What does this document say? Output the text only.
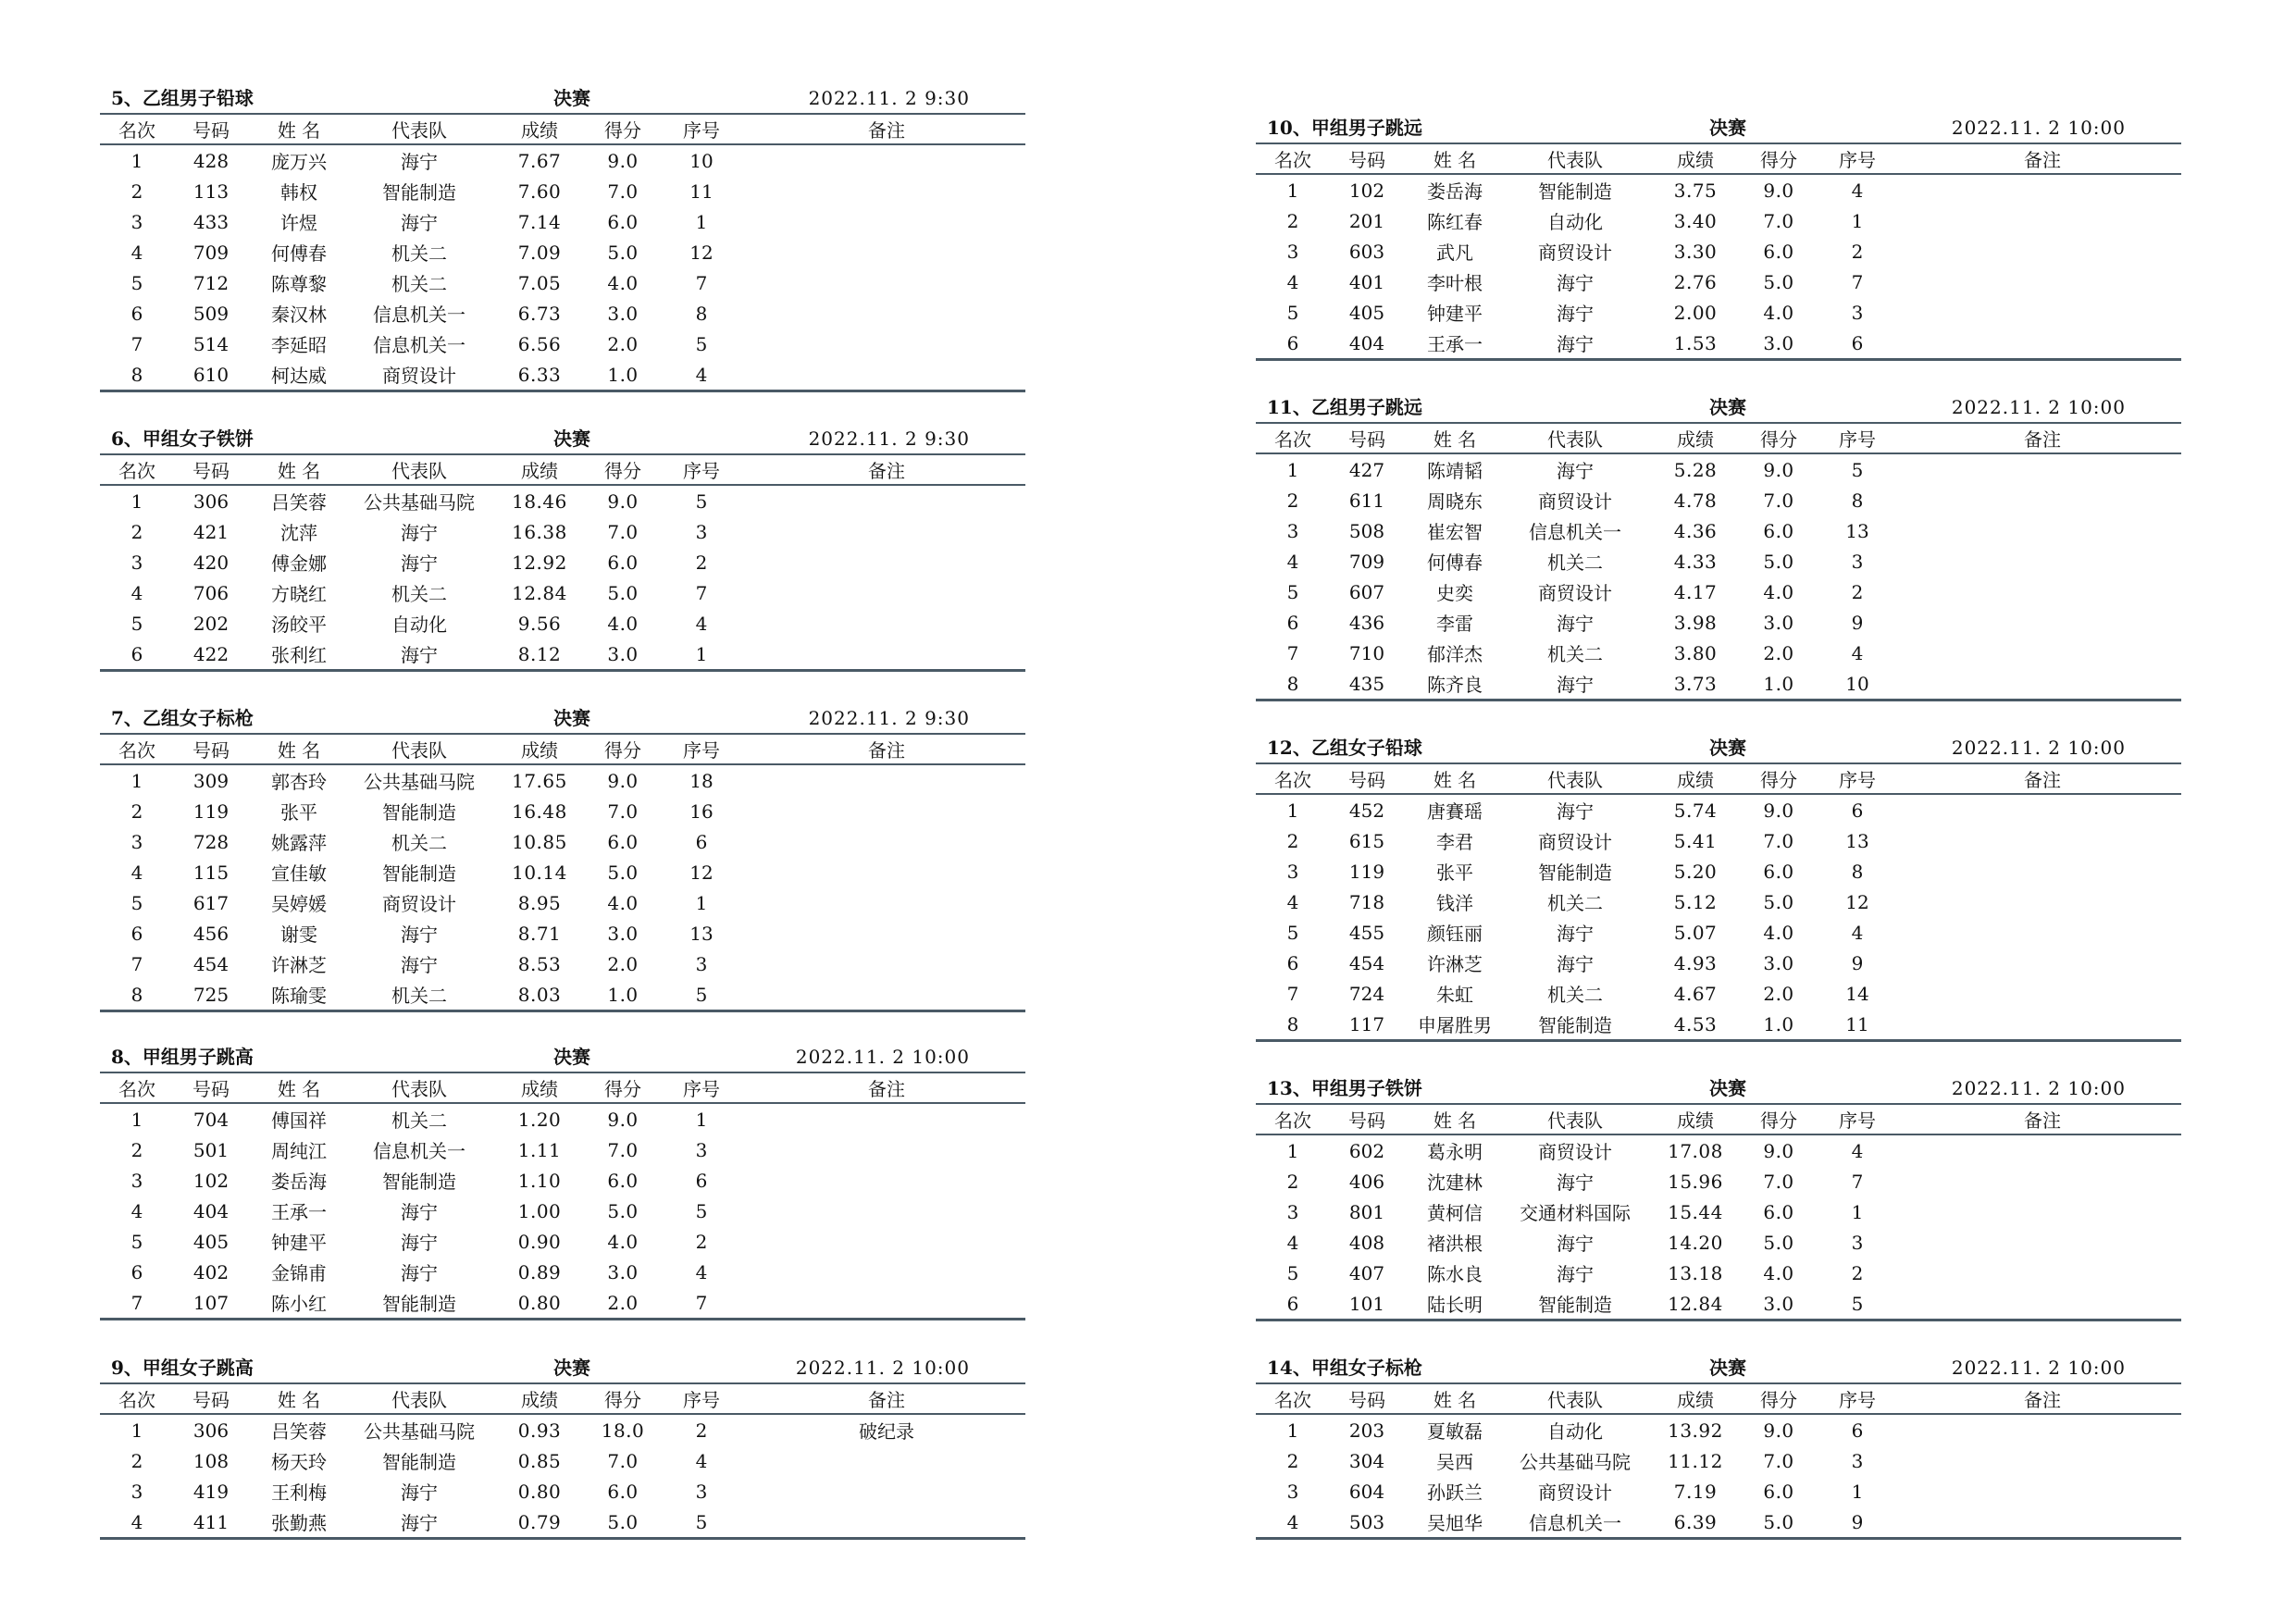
5、乙组男子铅球	决赛	2022.11. 2 9:30
名次	号码	姓 名	代表队	成绩	得分	序号	备注
1	428	庞万兴	海宁	7.67	9.0	10	
2	113	韩权	智能制造	7.60	7.0	11	
3	433	许煜	海宁	7.14	6.0	1	
4	709	何傅春	机关二	7.09	5.0	12	
5	712	陈尊黎	机关二	7.05	4.0	7	
6	509	秦汉林	信息机关一	6.73	3.0	8	
7	514	李延昭	信息机关一	6.56	2.0	5	
8	610	柯达威	商贸设计	6.33	1.0	4	
6、甲组女子铁饼	决赛	2022.11. 2 9:30
名次	号码	姓 名	代表队	成绩	得分	序号	备注
1	306	吕笑蓉	公共基础马院	18.46	9.0	5	
2	421	沈萍	海宁	16.38	7.0	3	
3	420	傅金娜	海宁	12.92	6.0	2	
4	706	方晓红	机关二	12.84	5.0	7	
5	202	汤皎平	自动化	9.56	4.0	4	
6	422	张利红	海宁	8.12	3.0	1	
7、乙组女子标枪	决赛	2022.11. 2 9:30
名次	号码	姓 名	代表队	成绩	得分	序号	备注
1	309	郭杏玲	公共基础马院	17.65	9.0	18	
2	119	张平	智能制造	16.48	7.0	16	
3	728	姚露萍	机关二	10.85	6.0	6	
4	115	宣佳敏	智能制造	10.14	5.0	12	
5	617	吴婷媛	商贸设计	8.95	4.0	1	
6	456	谢雯	海宁	8.71	3.0	13	
7	454	许淋芝	海宁	8.53	2.0	3	
8	725	陈瑜雯	机关二	8.03	1.0	5	
8、甲组男子跳高	决赛	2022.11. 2 10:00
名次	号码	姓 名	代表队	成绩	得分	序号	备注
1	704	傅国祥	机关二	1.20	9.0	1	
2	501	周纯江	信息机关一	1.11	7.0	3	
3	102	娄岳海	智能制造	1.10	6.0	6	
4	404	王承一	海宁	1.00	5.0	5	
5	405	钟建平	海宁	0.90	4.0	2	
6	402	金锦甫	海宁	0.89	3.0	4	
7	107	陈小红	智能制造	0.80	2.0	7	
9、甲组女子跳高	决赛	2022.11. 2 10:00
名次	号码	姓 名	代表队	成绩	得分	序号	备注
1	306	吕笑蓉	公共基础马院	0.93	18.0	2	破纪录
2	108	杨天玲	智能制造	0.85	7.0	4	
3	419	王利梅	海宁	0.80	6.0	3	
4	411	张勤燕	海宁	0.79	5.0	5	
10、甲组男子跳远	决赛	2022.11. 2 10:00
名次	号码	姓 名	代表队	成绩	得分	序号	备注
1	102	娄岳海	智能制造	3.75	9.0	4	
2	201	陈红春	自动化	3.40	7.0	1	
3	603	武凡	商贸设计	3.30	6.0	2	
4	401	李叶根	海宁	2.76	5.0	7	
5	405	钟建平	海宁	2.00	4.0	3	
6	404	王承一	海宁	1.53	3.0	6	
11、乙组男子跳远	决赛	2022.11. 2 10:00
名次	号码	姓 名	代表队	成绩	得分	序号	备注
1	427	陈靖韬	海宁	5.28	9.0	5	
2	611	周晓东	商贸设计	4.78	7.0	8	
3	508	崔宏智	信息机关一	4.36	6.0	13	
4	709	何傅春	机关二	4.33	5.0	3	
5	607	史奕	商贸设计	4.17	4.0	2	
6	436	李雷	海宁	3.98	3.0	9	
7	710	郁洋杰	机关二	3.80	2.0	4	
8	435	陈齐良	海宁	3.73	1.0	10	
12、乙组女子铅球	决赛	2022.11. 2 10:00
名次	号码	姓 名	代表队	成绩	得分	序号	备注
1	452	唐賽瑶	海宁	5.74	9.0	6	
2	615	李君	商贸设计	5.41	7.0	13	
3	119	张平	智能制造	5.20	6.0	8	
4	718	钱洋	机关二	5.12	5.0	12	
5	455	颜钰丽	海宁	5.07	4.0	4	
6	454	许淋芝	海宁	4.93	3.0	9	
7	724	朱虹	机关二	4.67	2.0	14	
8	117	申屠胜男	智能制造	4.53	1.0	11	
13、甲组男子铁饼	决赛	2022.11. 2 10:00
名次	号码	姓 名	代表队	成绩	得分	序号	备注
1	602	葛永明	商贸设计	17.08	9.0	4	
2	406	沈建林	海宁	15.96	7.0	7	
3	801	黄柯信	交通材料国际	15.44	6.0	1	
4	408	褚洪根	海宁	14.20	5.0	3	
5	407	陈水良	海宁	13.18	4.0	2	
6	101	陆长明	智能制造	12.84	3.0	5	
14、甲组女子标枪	决赛	2022.11. 2 10:00
名次	号码	姓 名	代表队	成绩	得分	序号	备注
1	203	夏敏磊	自动化	13.92	9.0	6	
2	304	吴西	公共基础马院	11.12	7.0	3	
3	604	孙跃兰	商贸设计	7.19	6.0	1	
4	503	吴旭华	信息机关一	6.39	5.0	9	
